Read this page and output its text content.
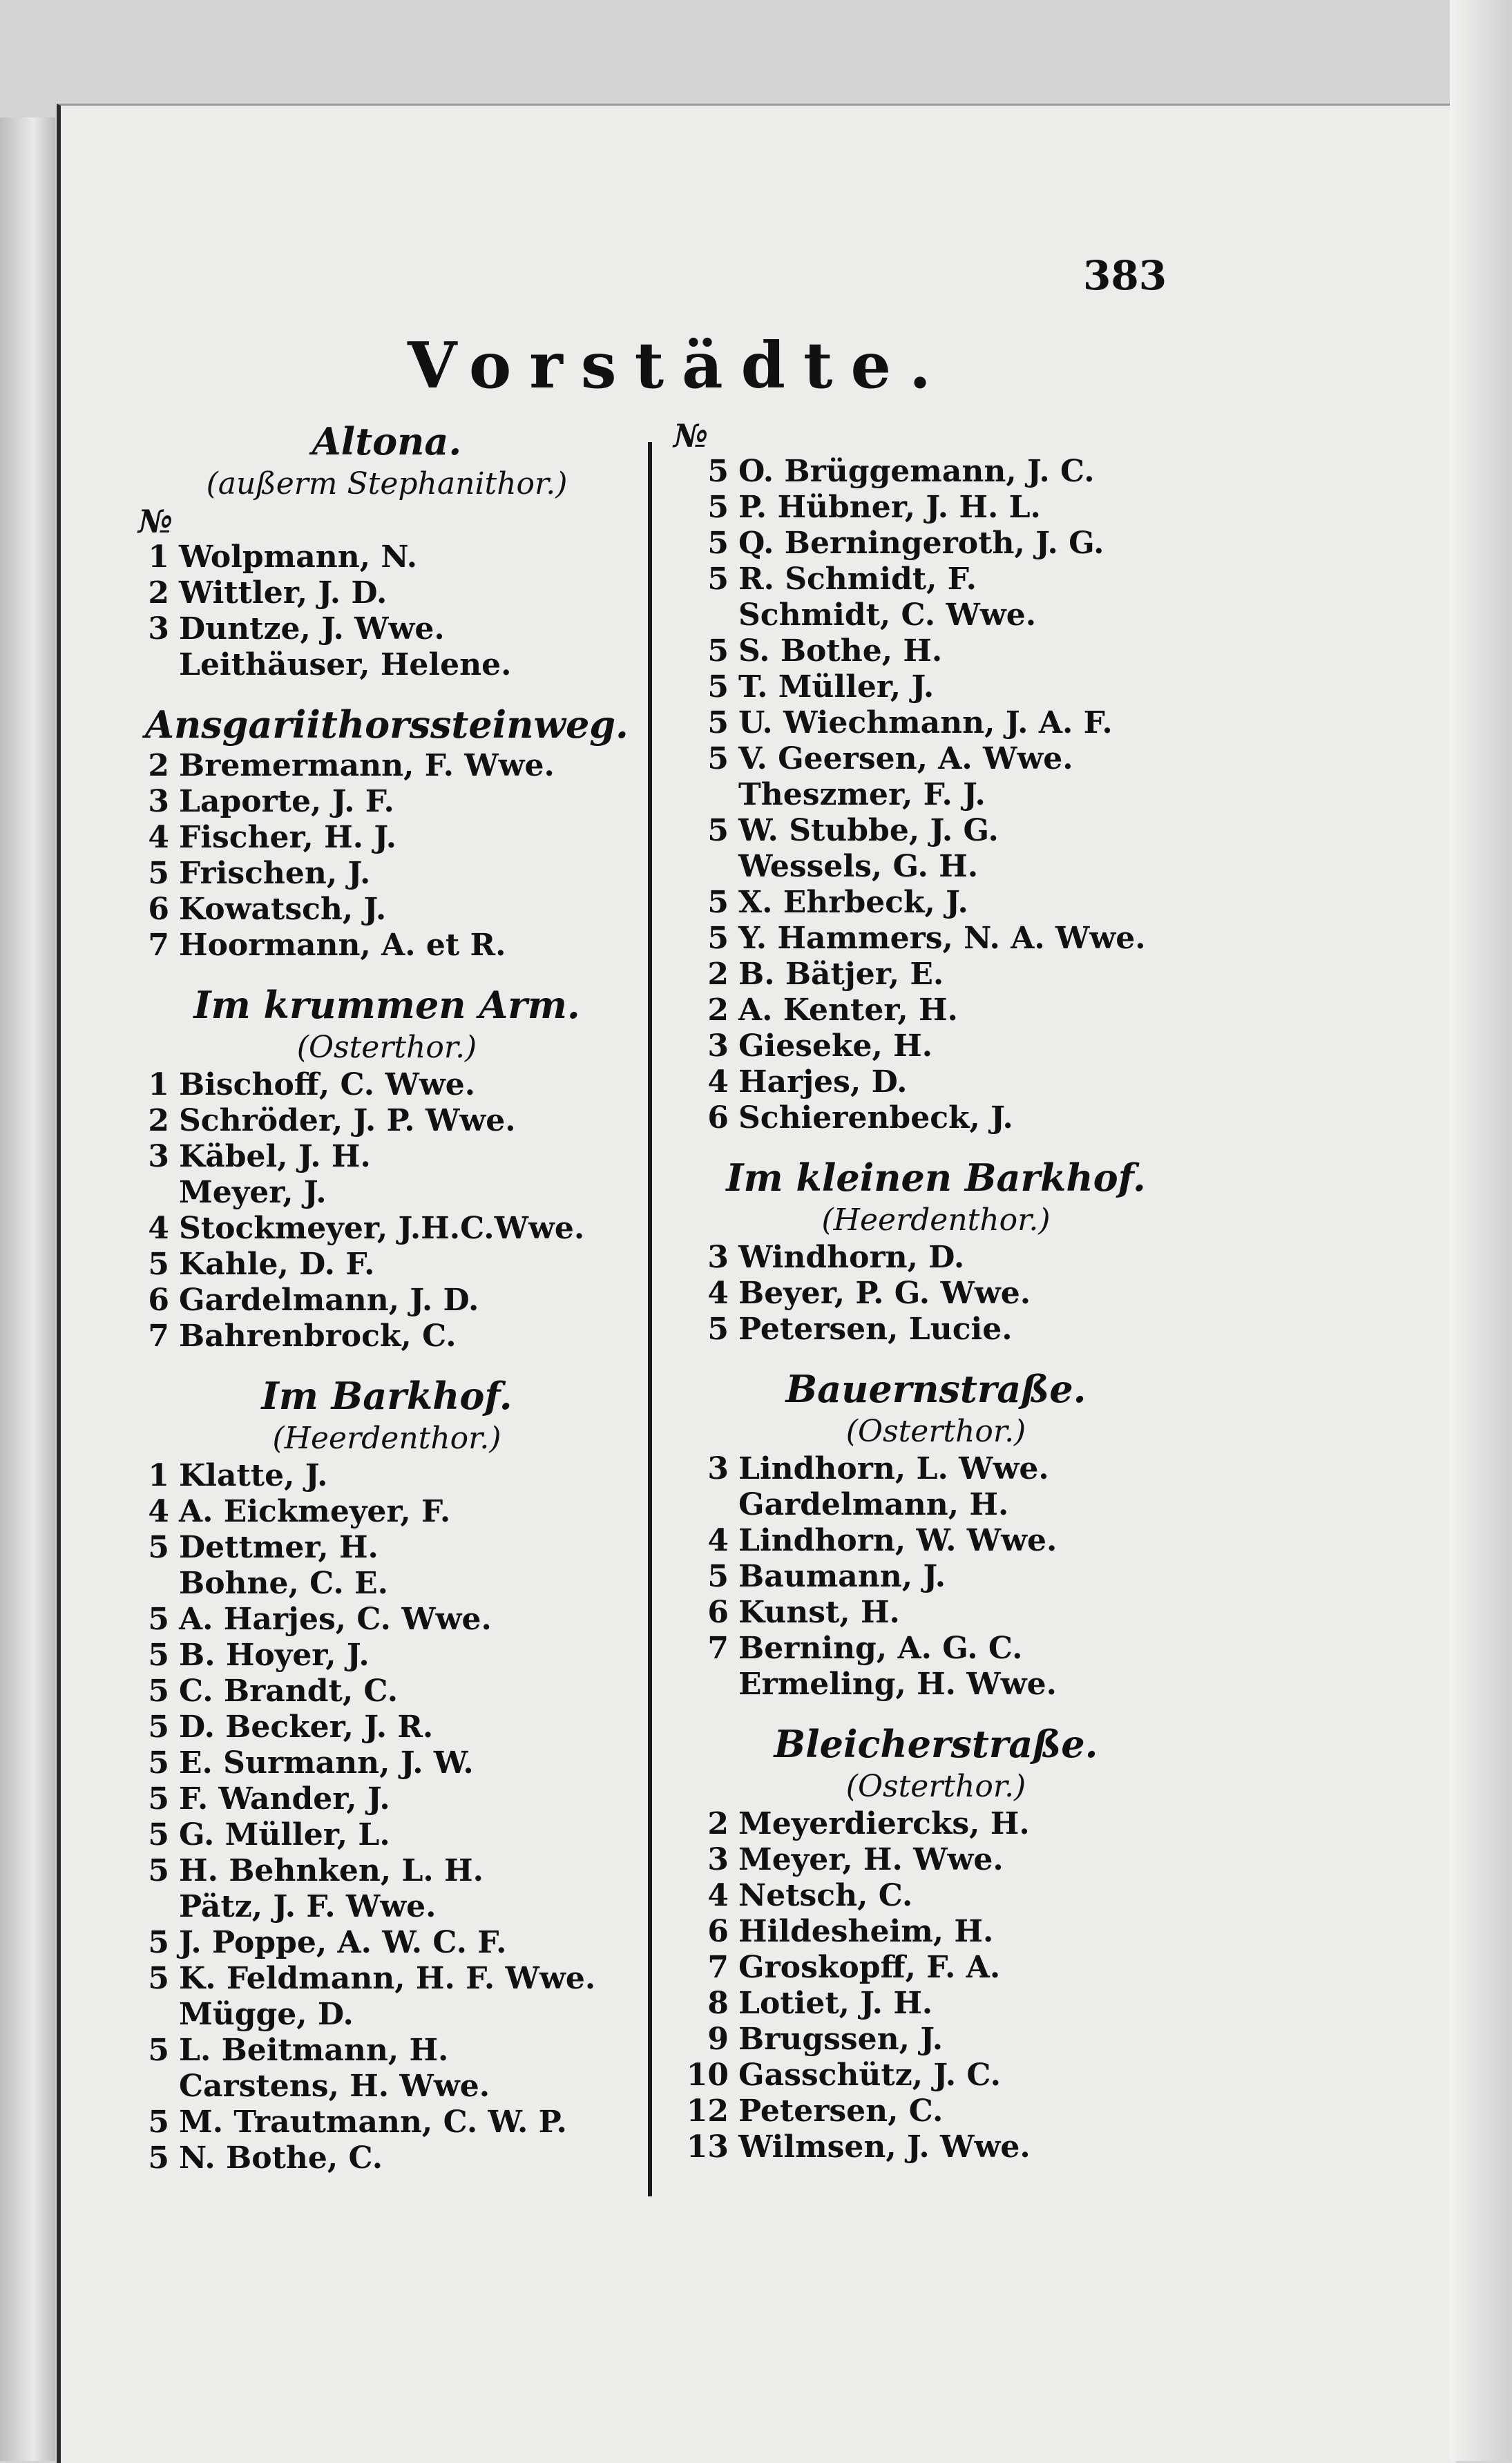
383
Vorstädte.
Altona.
(außerm Stephanithor.)
№
1 Wolpmann, N.
2 Wittler, J. D.
3 Duntze, J. Wwe.
Leithäuser, Helene.
Ansgariithorssteinweg.
2 Bremermann, F. Wwe.
3 Laporte, J. F.
4 Fischer, H. J.
5 Frischen, J.
6 Kowatsch, J.
7 Hoormann, A. et R.
Im krummen Arm.
(Osterthor.)
1 Bischoff, C. Wwe.
2 Schröder, J. P. Wwe.
3 Käbel, J. H.
Meyer, J.
4 Stockmeyer, J.H.C.Wwe.
5 Kahle, D. F.
6 Gardelmann, J. D.
7 Bahrenbrock, C.
Im Barkhof.
(Heerdenthor.)
1 Klatte, J.
4 A. Eickmeyer, F.
5 Dettmer, H.
Bohne, C. E.
5 A. Harjes, C. Wwe.
5 B. Hoyer, J.
5 C. Brandt, C.
5 D. Becker, J. R.
5 E. Surmann, J. W.
5 F. Wander, J.
5 G. Müller, L.
5 H. Behnken, L. H.
Pätz, J. F. Wwe.
5 J. Poppe, A. W. C. F.
5 K. Feldmann, H. F. Wwe.
Mügge, D.
5 L. Beitmann, H.
Carstens, H. Wwe.
5 M. Trautmann, C. W. P.
5 N. Bothe, C.
№
5 O. Brüggemann, J. C.
5 P. Hübner, J. H. L.
5 Q. Berningeroth, J. G.
5 R. Schmidt, F.
Schmidt, C. Wwe.
5 S. Bothe, H.
5 T. Müller, J.
5 U. Wiechmann, J. A. F.
5 V. Geersen, A. Wwe.
Theszmer, F. J.
5 W. Stubbe, J. G.
Wessels, G. H.
5 X. Ehrbeck, J.
5 Y. Hammers, N. A. Wwe.
2 B. Bätjer, E.
2 A. Kenter, H.
3 Gieseke, H.
4 Harjes, D.
6 Schierenbeck, J.
Im kleinen Barkhof.
(Heerdenthor.)
3 Windhorn, D.
4 Beyer, P. G. Wwe.
5 Petersen, Lucie.
Bauernstraße.
(Osterthor.)
3 Lindhorn, L. Wwe.
Gardelmann, H.
4 Lindhorn, W. Wwe.
5 Baumann, J.
6 Kunst, H.
7 Berning, A. G. C.
Ermeling, H. Wwe.
Bleicherstraße.
(Osterthor.)
2 Meyerdiercks, H.
3 Meyer, H. Wwe.
4 Netsch, C.
6 Hildesheim, H.
7 Groskopff, F. A.
8 Lotiet, J. H.
9 Brugssen, J.
10 Gasschütz, J. C.
12 Petersen, C.
13 Wilmsen, J. Wwe.
